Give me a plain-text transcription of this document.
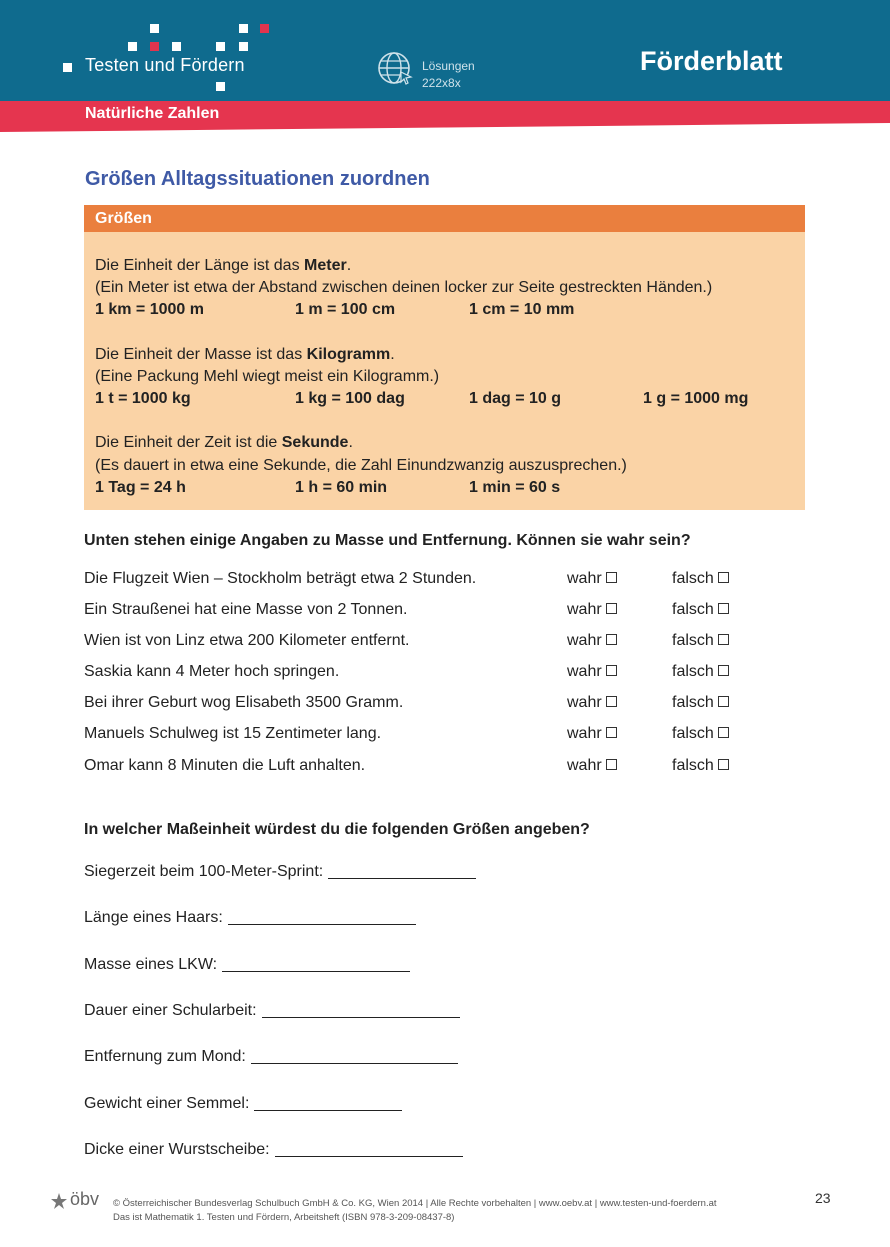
Testen und Fördern	Lösungen
222x8x
Förderblatt
Natürliche Zahlen
Größen Alltagssituationen zuordnen
Größen
Die Einheit der Länge ist das Meter.
(Ein Meter ist etwa der Abstand zwischen deinen locker zur Seite gestreckten Händen.)
1 km = 1000 m	1 m = 100 cm	1 cm = 10 mm
Die Einheit der Masse ist das Kilogramm.
(Eine Packung Mehl wiegt meist ein Kilogramm.)
1 t = 1000 kg	1 kg = 100 dag	1 dag = 10 g	1 g = 1000 mg
Die Einheit der Zeit ist die Sekunde.
(Es dauert in etwa eine Sekunde, die Zahl Einundzwanzig auszusprechen.)
1 Tag = 24 h	1 h = 60 min	1 min = 60 s
Unten stehen einige Angaben zu Masse und Entfernung. Können sie wahr sein?
Die Flugzeit Wien – Stockholm beträgt etwa 2 Stunden.	wahr	falsch
Ein Straußenei hat eine Masse von 2 Tonnen.	wahr	falsch
Wien ist von Linz etwa 200 Kilometer entfernt.	wahr	falsch
Saskia kann 4 Meter hoch springen.	wahr	falsch
Bei ihrer Geburt wog Elisabeth 3500 Gramm.	wahr	falsch
Manuels Schulweg ist 15 Zentimeter lang.	wahr	falsch
Omar kann 8 Minuten die Luft anhalten.	wahr	falsch
In welcher Maßeinheit würdest du die folgenden Größen angeben?
Siegerzeit beim 100-Meter-Sprint:
Länge eines Haars:
Masse eines LKW:
Dauer einer Schularbeit:
Entfernung zum Mond:
Gewicht einer Semmel:
Dicke einer Wurstscheibe:
öbv © Österreichischer Bundesverlag Schulbuch GmbH & Co. KG, Wien 2014 | Alle Rechte vorbehalten | www.oebv.at | www.testen-und-foerdern.at
Das ist Mathematik 1. Testen und Fördern, Arbeitsheft (ISBN 978-3-209-08437-8)
23
